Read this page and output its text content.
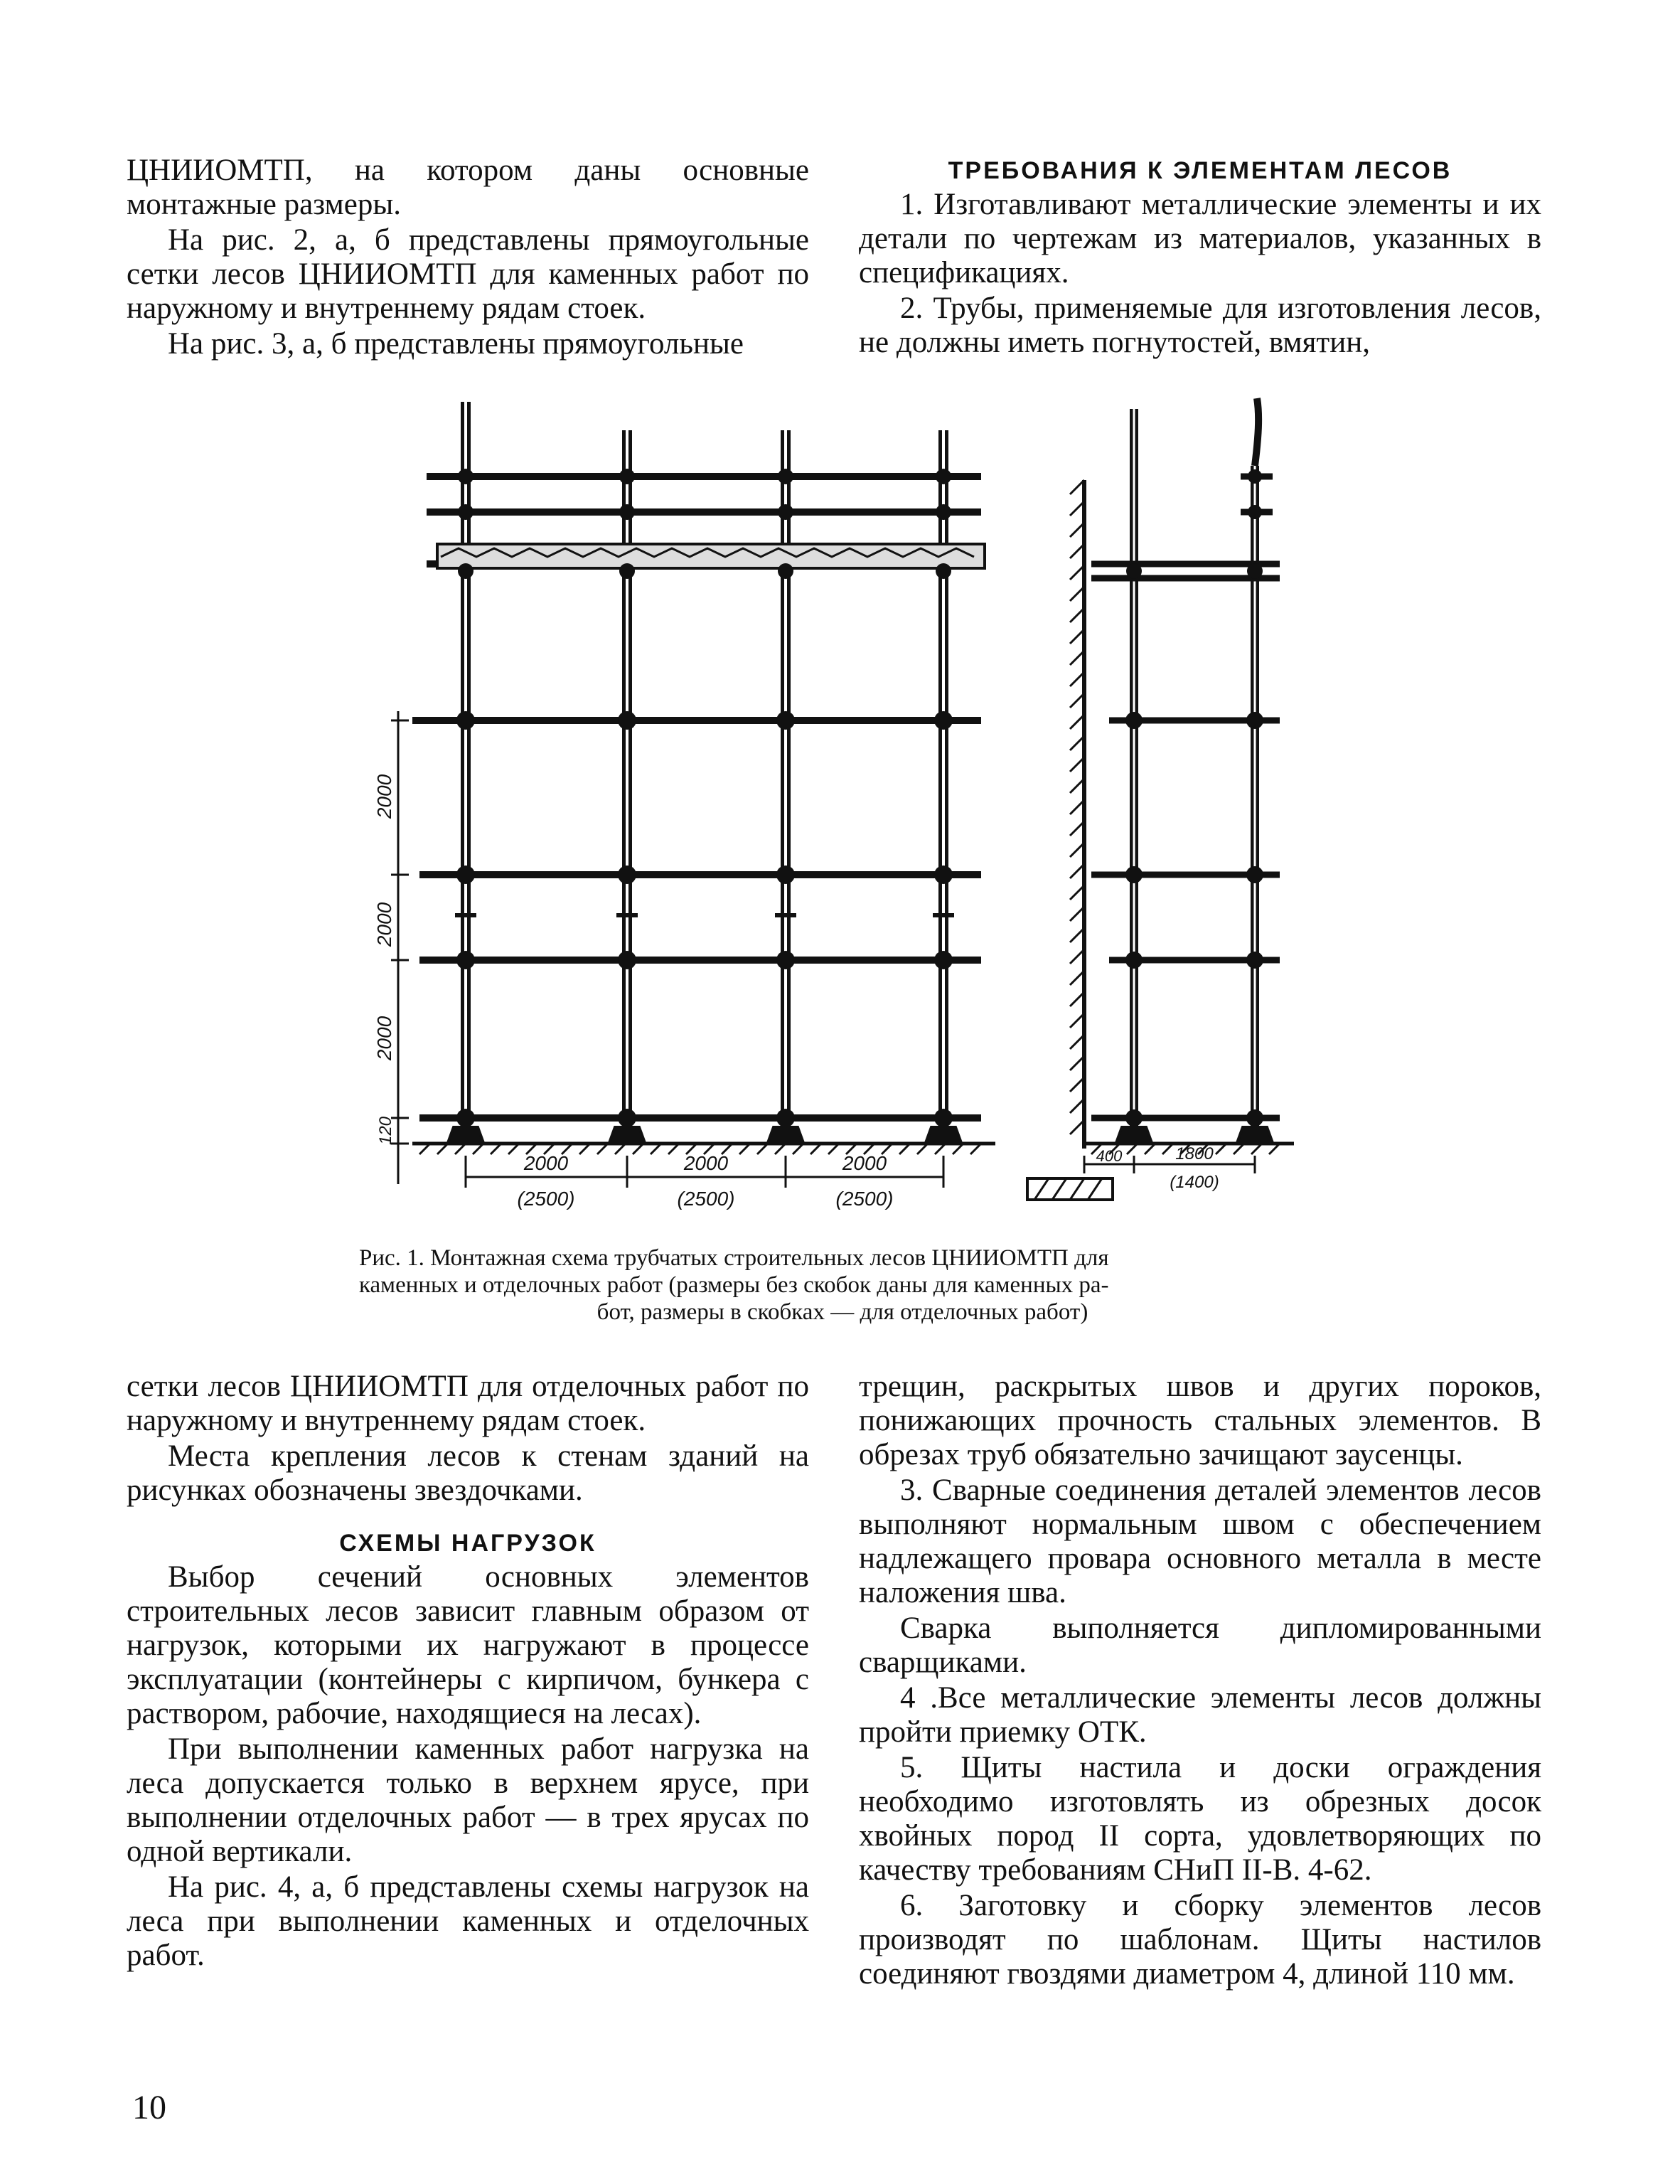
ЦНИИОМТП, на котором даны основные монтажные размеры.

На рис. 2, а, б представлены прямоугольные сетки лесов ЦНИИОМТП для каменных работ по наружному и внутреннему рядам стоек.

На рис. 3, а, б представлены прямоугольные

ТРЕБОВАНИЯ К ЭЛЕМЕНТАМ ЛЕСОВ

1. Изготавливают металлические элементы и их детали по чертежам из материалов, указанных в спецификациях.

2. Трубы, применяемые для изготовления лесов, не должны иметь погнутостей, вмятин,

2000
2000
2000
120
2000	2000	2000
(2500)	(2500)	(2500)
400	1800
(1400)
Рис. 1. Монтажная схема трубчатых строительных лесов ЦНИИОМТП для
каменных и отделочных работ (размеры без скобок даны для каменных ра-
бот, размеры в скобках — для отделочных работ)

сетки лесов ЦНИИОМТП для отделочных работ по наружному и внутреннему рядам стоек.

Места крепления лесов к стенам зданий на рисунках обозначены звездочками.

СХЕМЫ НАГРУЗОК

Выбор сечений основных элементов строительных лесов зависит главным образом от нагрузок, которыми их нагружают в процессе эксплуатации (контейнеры с кирпичом, бункера с раствором, рабочие, находящиеся на лесах).

При выполнении каменных работ нагрузка на леса допускается только в верхнем ярусе, при выполнении отделочных работ — в трех ярусах по одной вертикали.

На рис. 4, а, б представлены схемы нагрузок на леса при выполнении каменных и отделочных работ.

трещин, раскрытых швов и других пороков, понижающих прочность стальных элементов. В обрезах труб обязательно зачищают заусенцы.

3. Сварные соединения деталей элементов лесов выполняют нормальным швом с обеспечением надлежащего провара основного металла в месте наложения шва.

Сварка выполняется дипломированными сварщиками.

4 .Все металлические элементы лесов должны пройти приемку ОТК.

5. Щиты настила и доски ограждения необходимо изготовлять из обрезных досок хвойных пород II сорта, удовлетворяющих по качеству требованиям СНиП II-В. 4-62.

6. Заготовку и сборку элементов лесов производят по шаблонам. Щиты настилов соединяют гвоздями диаметром 4, длиной 110 мм.

10
